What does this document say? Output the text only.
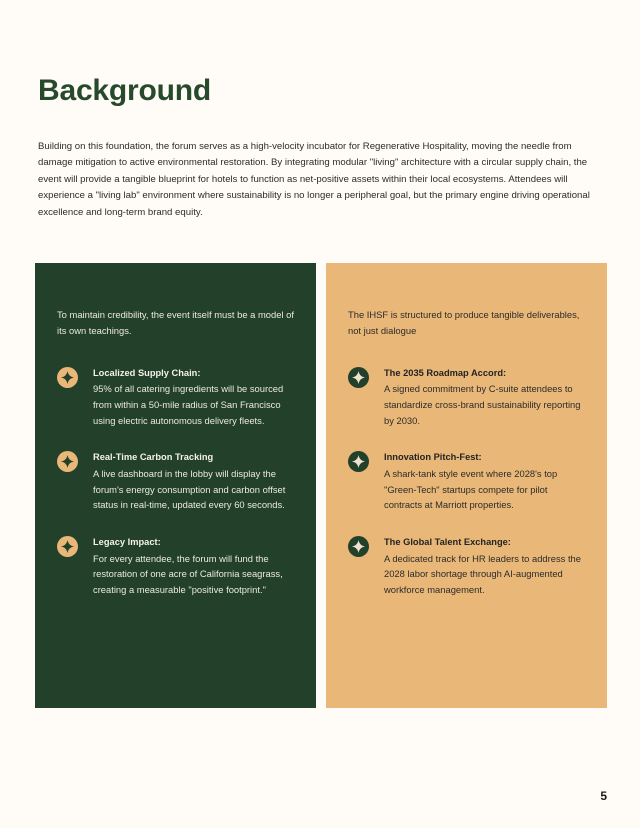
Background

Building on this foundation, the forum serves as a high-velocity incubator for Regenerative Hospitality, moving the needle from damage mitigation to active environmental restoration. By integrating modular "living" architecture with a circular supply chain, the event will provide a tangible blueprint for hotels to function as net-positive assets within their local ecosystems. Attendees will experience a "living lab" environment where sustainability is no longer a peripheral goal, but the primary engine driving operational excellence and long-term brand equity.

To maintain credibility, the event itself must be a model of its own teachings.

Localized Supply Chain:
95% of all catering ingredients will be sourced from within a 50-mile radius of San Francisco using electric autonomous delivery fleets.
Real-Time Carbon Tracking
A live dashboard in the lobby will display the forum's energy consumption and carbon offset status in real-time, updated every 60 seconds.
Legacy Impact:
For every attendee, the forum will fund the restoration of one acre of California seagrass, creating a measurable "positive footprint."

The IHSF is structured to produce tangible deliverables, not just dialogue

The 2035 Roadmap Accord:
A signed commitment by C-suite attendees to standardize cross-brand sustainability reporting by 2030.
Innovation Pitch-Fest:
A shark-tank style event where 2028's top "Green-Tech" startups compete for pilot contracts at Marriott properties.
The Global Talent Exchange:
A dedicated track for HR leaders to address the 2028 labor shortage through AI-augmented workforce management.
5
